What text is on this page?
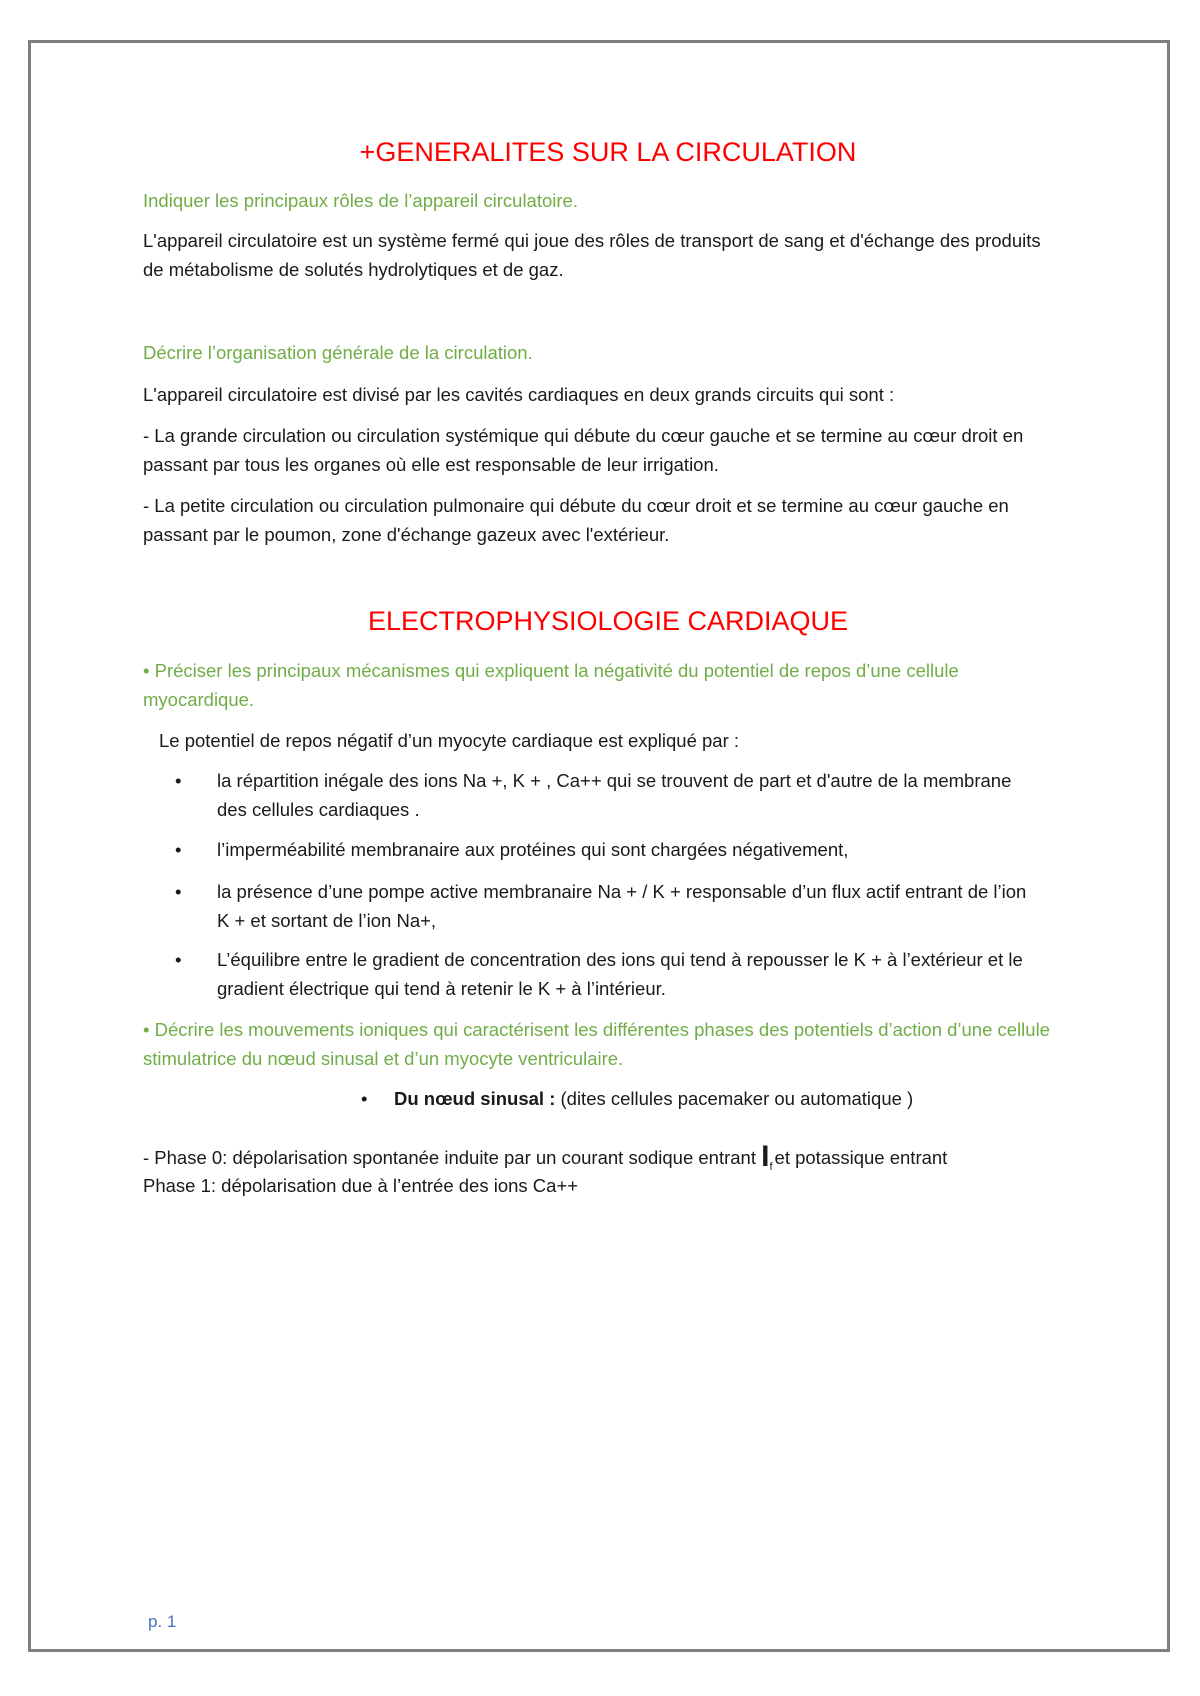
+GENERALITES SUR LA CIRCULATION

Indiquer les principaux rôles de l’appareil circulatoire.

L'appareil circulatoire est un système fermé qui joue des rôles de transport de sang et d'échange des produits de métabolisme de solutés hydrolytiques et de gaz.

Décrire l’organisation générale de la circulation.

L'appareil circulatoire est divisé par les cavités cardiaques en deux grands circuits qui sont :

- La grande circulation ou circulation systémique qui débute du cœur gauche et se termine au cœur droit en passant par tous les organes où elle est responsable de leur irrigation.

- La petite circulation ou circulation pulmonaire qui débute du cœur droit et se termine au cœur gauche en passant par le poumon, zone d'échange gazeux avec l'extérieur.

ELECTROPHYSIOLOGIE CARDIAQUE

• Préciser les principaux mécanismes qui expliquent la négativité du potentiel de repos d’une cellule myocardique.

Le potentiel de repos négatif d’un myocyte cardiaque est expliqué par :

• la répartition inégale des ions Na +, K + , Ca++ qui se trouvent de part et d'autre de la membrane des cellules cardiaques .
• l’imperméabilité membranaire aux protéines qui sont chargées négativement,
• la présence d’une pompe active membranaire Na + / K + responsable d’un flux actif entrant de l’ion K + et sortant de l’ion Na+,
• L’équilibre entre le gradient de concentration des ions qui tend à repousser le K + à l’extérieur et le gradient électrique qui tend à retenir le K + à l’intérieur.

• Décrire les mouvements ioniques qui caractérisent les différentes phases des potentiels d’action d’une cellule stimulatrice du nœud sinusal et d’un myocyte ventriculaire.

• Du nœud sinusal : (dites cellules pacemaker ou automatique )

- Phase 0: dépolarisation spontanée induite par un courant sodique entrant $I_f$ et potassique entrant

Phase 1: dépolarisation due à l’entrée des ions Ca++

p. 1
